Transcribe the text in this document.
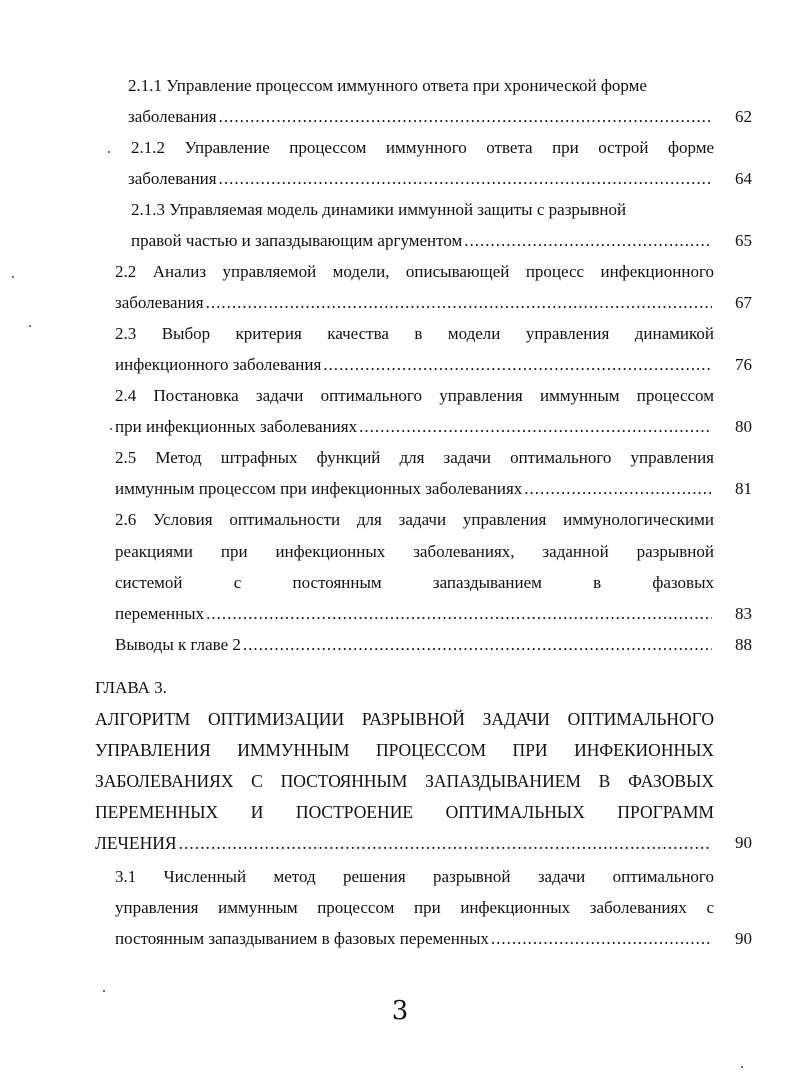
2.1.1 Управление процессом иммунного ответа при хронической форме
заболевания .....	62
2.1.2 Управление процессом иммунного ответа при острой форме
заболевания .....	64
2.1.3 Управляемая модель динамики иммунной защиты с разрывной
правой частью и запаздывающим аргументом .....	65
2.2 Анализ управляемой модели, описывающей процесс инфекционного
заболевания .....	67
2.3 Выбор критерия качества в модели управления динамикой
инфекционного заболевания .....	76
2.4 Постановка задачи оптимального управления иммунным процессом
при инфекционных заболеваниях .....	80
2.5 Метод штрафных функций для задачи оптимального управления
иммунным процессом при инфекционных заболеваниях .....	81
2.6 Условия оптимальности для задачи управления иммунологическими
реакциями при инфекционных заболеваниях, заданной разрывной
системой с постоянным запаздыванием в фазовых
переменных .....	83
Выводы к главе 2 .....	88
ГЛАВА 3.
АЛГОРИТМ ОПТИМИЗАЦИИ РАЗРЫВНОЙ ЗАДАЧИ ОПТИМАЛЬНОГО
УПРАВЛЕНИЯ ИММУННЫМ ПРОЦЕССОМ ПРИ ИНФЕКИОННЫХ
ЗАБОЛЕВАНИЯХ С ПОСТОЯННЫМ ЗАПАЗДЫВАНИЕМ В ФАЗОВЫХ
ПЕРЕМЕННЫХ И ПОСТРОЕНИЕ ОПТИМАЛЬНЫХ ПРОГРАММ
ЛЕЧЕНИЯ .....	90
3.1 Численный метод решения разрывной задачи оптимального
управления иммунным процессом при инфекционных заболеваниях с
постоянным запаздыванием в фазовых переменных .....	90
3
